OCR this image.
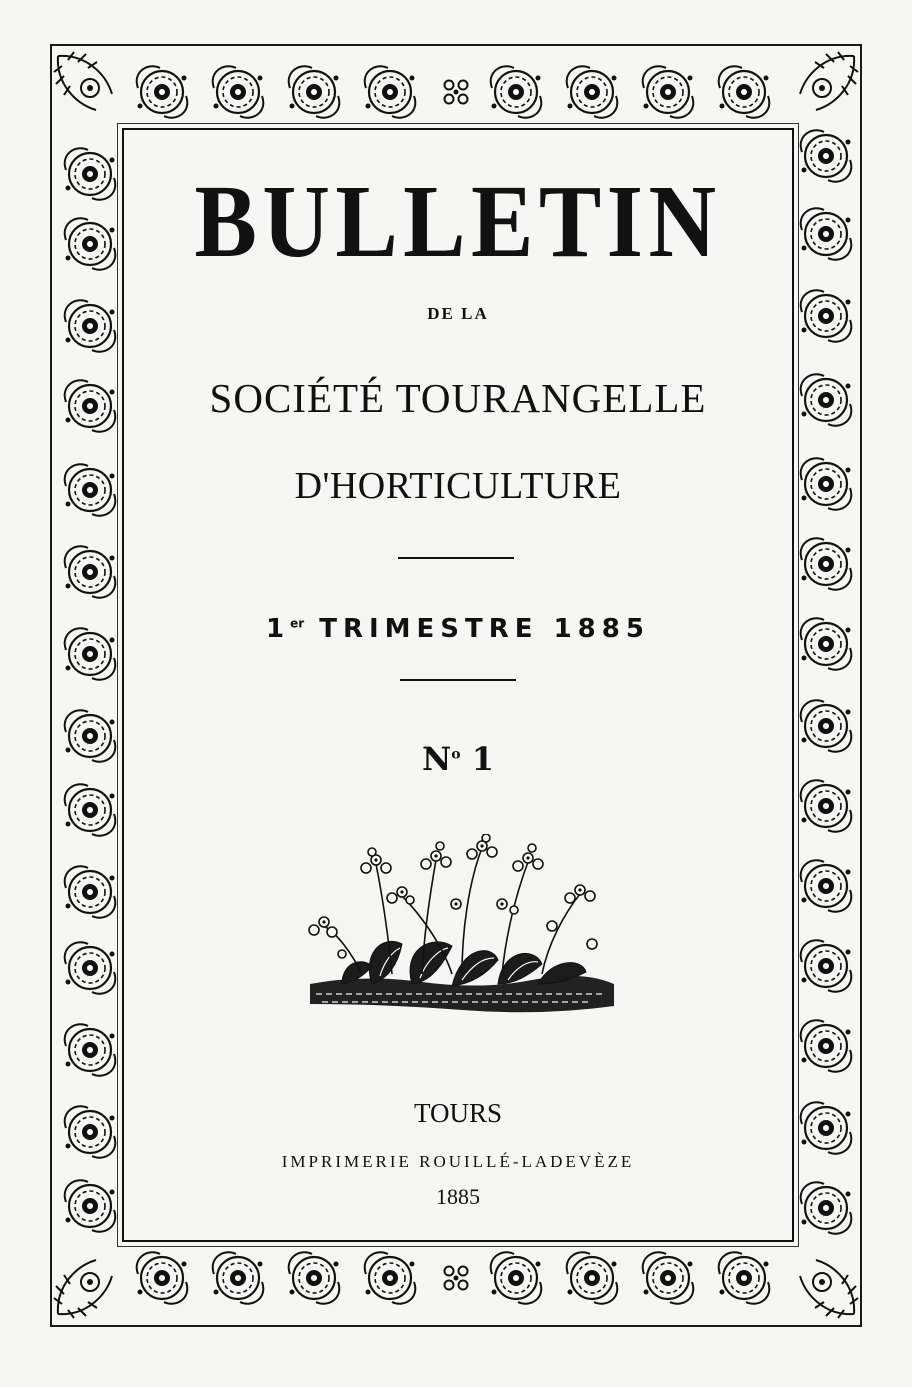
BULLETIN
DE LA
SOCIÉTÉ TOURANGELLE
D'HORTICULTURE
1er TRIMESTRE 1885
$N^o$ 1
TOURS
IMPRIMERIE ROUILLÉ-LADEVÈZE
1885
